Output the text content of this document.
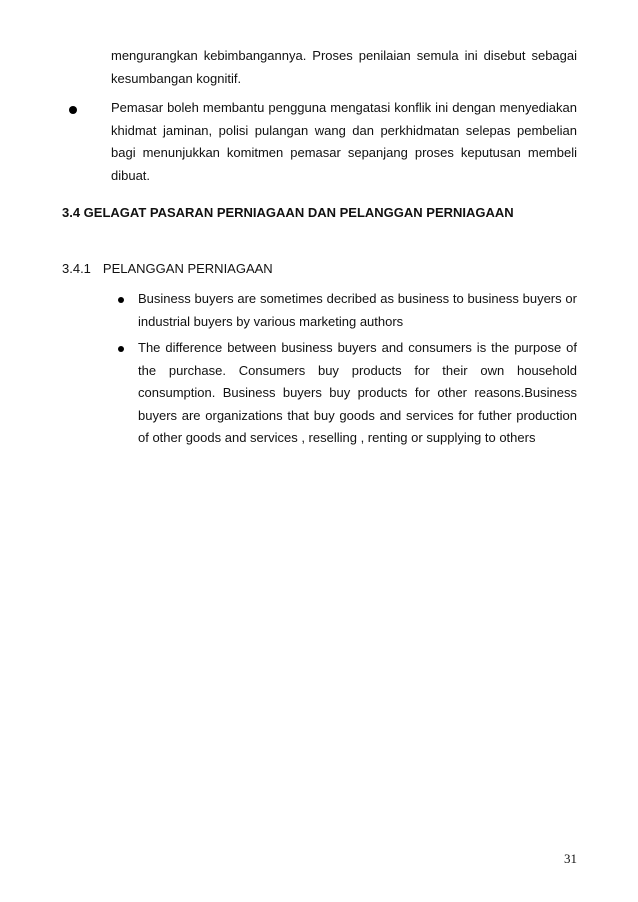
mengurangkan kebimbangannya. Proses penilaian semula ini disebut sebagai kesumbangan kognitif.

Pemasar boleh membantu pengguna mengatasi konflik ini dengan menyediakan khidmat jaminan, polisi pulangan wang dan perkhidmatan selepas pembelian bagi menunjukkan komitmen pemasar sepanjang proses keputusan membeli dibuat.

3.4 GELAGAT PASARAN PERNIAGAAN DAN PELANGGAN PERNIAGAAN
3.4.1 PELANGGAN PERNIAGAAN

Business buyers are sometimes decribed as business to business buyers or industrial buyers by various marketing authors

The difference between business buyers and consumers is the purpose of the purchase. Consumers buy products for their own household consumption. Business buyers buy products for other reasons.Business buyers are organizations that buy goods and services for futher production of other goods and services , reselling , renting or supplying to others

31
